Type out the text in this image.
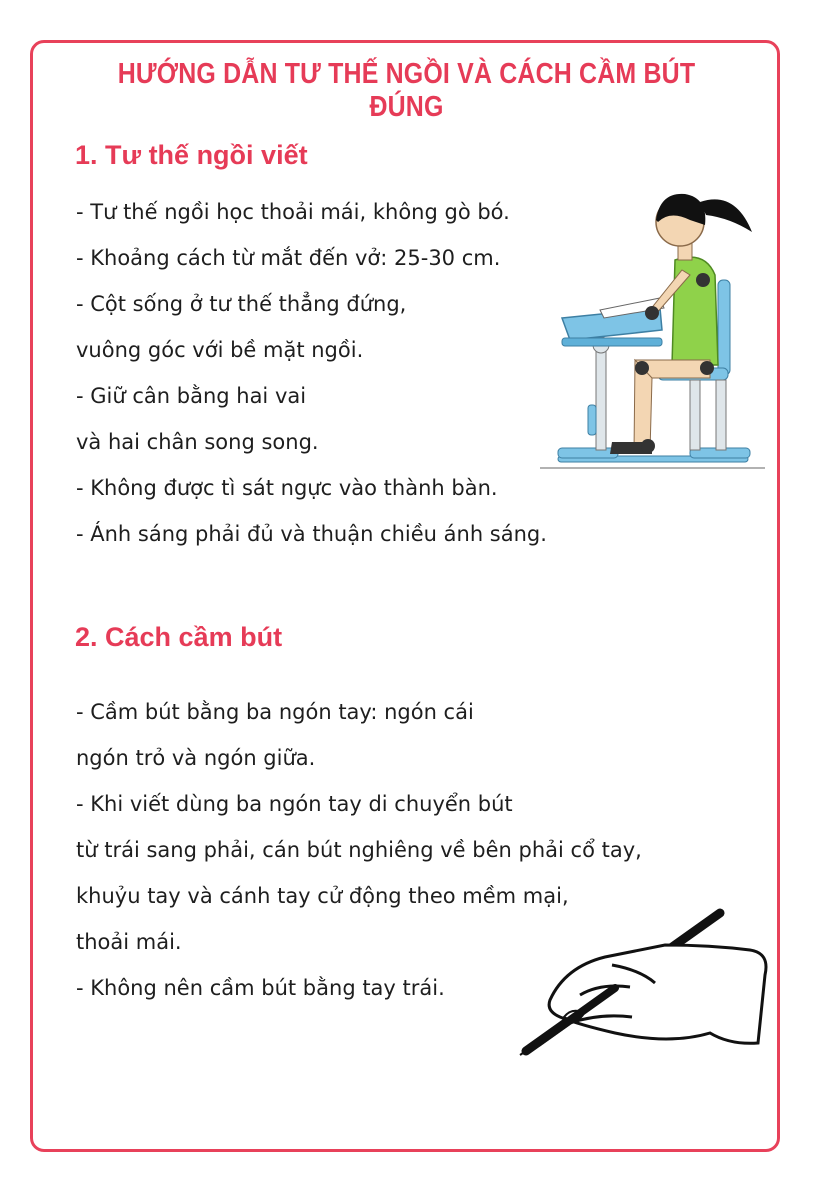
HƯỚNG DẪN TƯ THẾ NGỒI VÀ CÁCH CẦM BÚT ĐÚNG
1. Tư thế ngồi viết
- Tư thế ngồi học thoải mái, không gò bó.
- Khoảng cách từ mắt đến vở: 25-30 cm.
- Cột sống ở tư thế thẳng đứng,
vuông góc với bề mặt ngồi.
- Giữ cân bằng hai vai
và hai chân song song.
- Không được tì sát ngực vào thành bàn.
- Ánh sáng phải đủ và thuận chiều ánh sáng.
2. Cách cầm bút
- Cầm bút bằng ba ngón tay: ngón cái
ngón trỏ và ngón giữa.
- Khi viết dùng ba ngón tay di chuyển bút
từ trái sang phải, cán bút nghiêng về bên phải cổ tay,
khuỷu tay và cánh tay cử động theo mềm mại,
thoải mái.
- Không nên cầm bút bằng tay trái.
